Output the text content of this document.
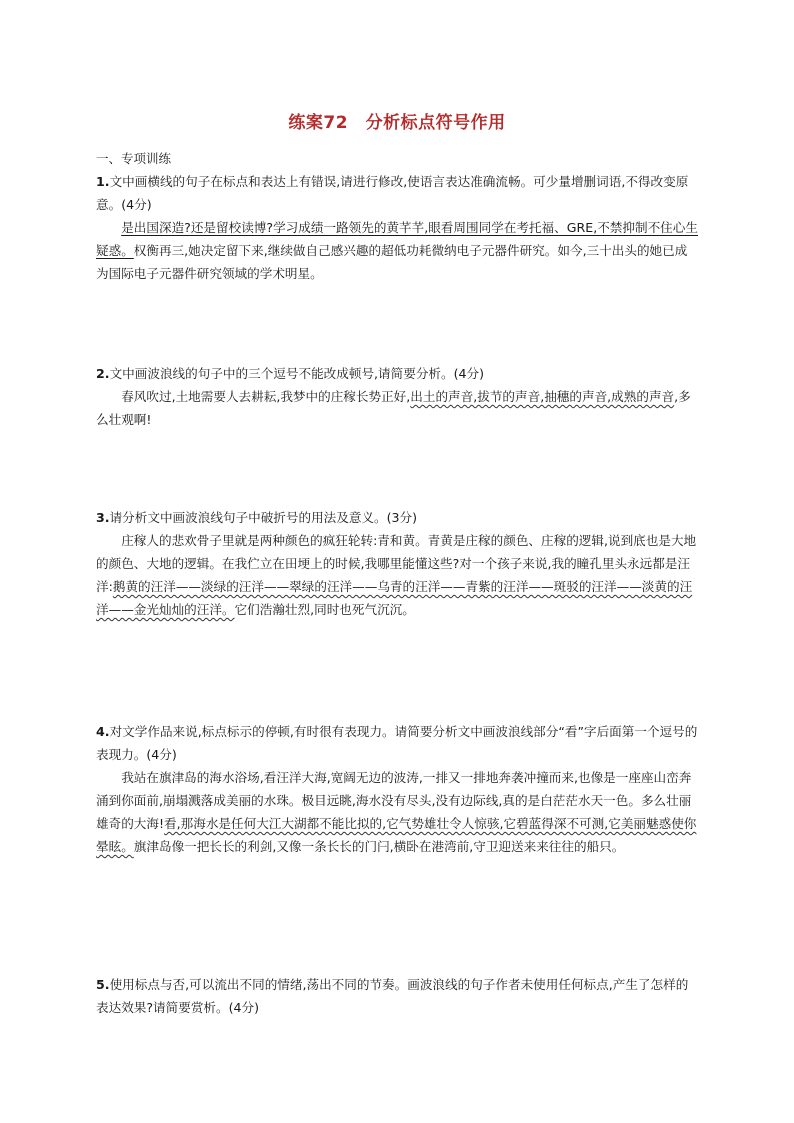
练案72　分析标点符号作用
一、专项训练

1.文中画横线的句子在标点和表达上有错误,请进行修改,使语言表达准确流畅。可少量增删词语,不得改变原意。(4分)

是出国深造?还是留校读博?学习成绩一路领先的黄芊芊,眼看周围同学在考托福、GRE,不禁抑制不住心生疑惑。权衡再三,她决定留下来,继续做自己感兴趣的超低功耗微纳电子元器件研究。如今,三十出头的她已成为国际电子元器件研究领域的学术明星。

2.文中画波浪线的句子中的三个逗号不能改成顿号,请简要分析。(4分)

春风吹过,土地需要人去耕耘,我梦中的庄稼长势正好,出土的声音,拔节的声音,抽穗的声音,成熟的声音,多么壮观啊!

3.请分析文中画波浪线句子中破折号的用法及意义。(3分)

庄稼人的悲欢骨子里就是两种颜色的疯狂轮转:青和黄。青黄是庄稼的颜色、庄稼的逻辑,说到底也是大地的颜色、大地的逻辑。在我伫立在田埂上的时候,我哪里能懂这些?对一个孩子来说,我的瞳孔里头永远都是汪洋:鹅黄的汪洋——淡绿的汪洋——翠绿的汪洋——乌青的汪洋——青紫的汪洋——斑驳的汪洋——淡黄的汪洋——金光灿灿的汪洋。它们浩瀚壮烈,同时也死气沉沉。

4.对文学作品来说,标点标示的停顿,有时很有表现力。请简要分析文中画波浪线部分“看”字后面第一个逗号的表现力。(4分)

我站在旗津岛的海水浴场,看汪洋大海,宽阔无边的波涛,一排又一排地奔袭冲撞而来,也像是一座座山峦奔涌到你面前,崩塌溅落成美丽的水珠。极目远眺,海水没有尽头,没有边际线,真的是白茫茫水天一色。多么壮丽雄奇的大海!看,那海水是任何大江大湖都不能比拟的,它气势雄壮令人惊骇,它碧蓝得深不可测,它美丽魅惑使你晕眩。旗津岛像一把长长的利剑,又像一条长长的门闩,横卧在港湾前,守卫迎送来来往往的船只。

5.使用标点与否,可以流出不同的情绪,荡出不同的节奏。画波浪线的句子作者未使用任何标点,产生了怎样的表达效果?请简要赏析。(4分)
